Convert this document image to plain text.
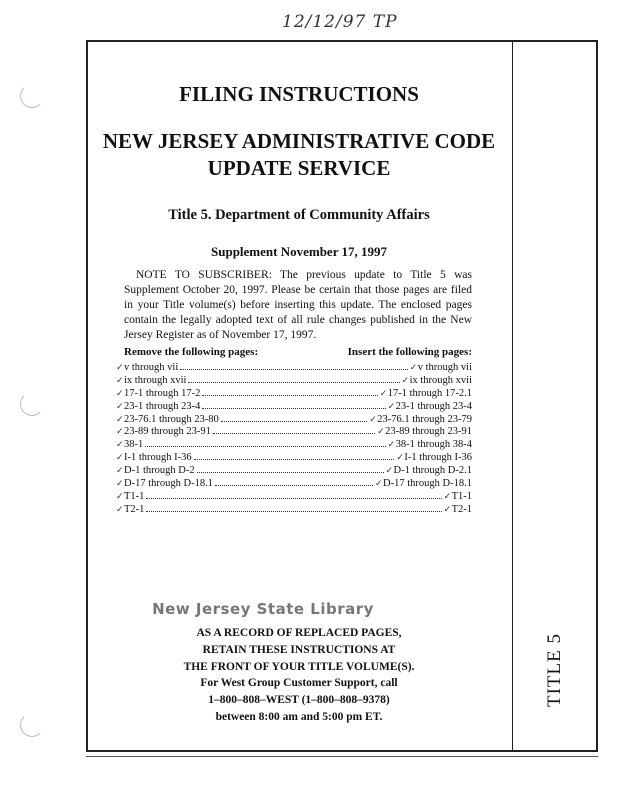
12/12/97 TP
FILING INSTRUCTIONS
NEW JERSEY ADMINISTRATIVE CODE
UPDATE SERVICE
Title 5. Department of Community Affairs
Supplement November 17, 1997

NOTE TO SUBSCRIBER: The previous update to Title 5 was Supplement October 20, 1997. Please be certain that those pages are filed in your Title volume(s) before inserting this update. The enclosed pages contain the legally adopted text of all rule changes published in the New Jersey Register as of November 17, 1997.

Remove the following pages:	Insert the following pages:
✓ v through vii	✓ v through vii
✓ ix through xvii	✓ ix through xvii
✓ 17-1 through 17-2	✓ 17-1 through 17-2.1
✓ 23-1 through 23-4	✓ 23-1 through 23-4
✓ 23-76.1 through 23-80	✓ 23-76.1 through 23-79
✓ 23-89 through 23-91	✓ 23-89 through 23-91
✓ 38-1	✓ 38-1 through 38-4
✓ I-1 through I-36	✓ I-1 through I-36
✓ D-1 through D-2	✓ D-1 through D-2.1
✓ D-17 through D-18.1	✓ D-17 through D-18.1
✓ T1-1	✓ T1-1
✓ T2-1	✓ T2-1
New Jersey State Library
AS A RECORD OF REPLACED PAGES,
RETAIN THESE INSTRUCTIONS AT
THE FRONT OF YOUR TITLE VOLUME(S).
For West Group Customer Support, call
1–800–808–WEST (1–800–808–9378)
between 8:00 am and 5:00 pm ET.
TITLE 5
